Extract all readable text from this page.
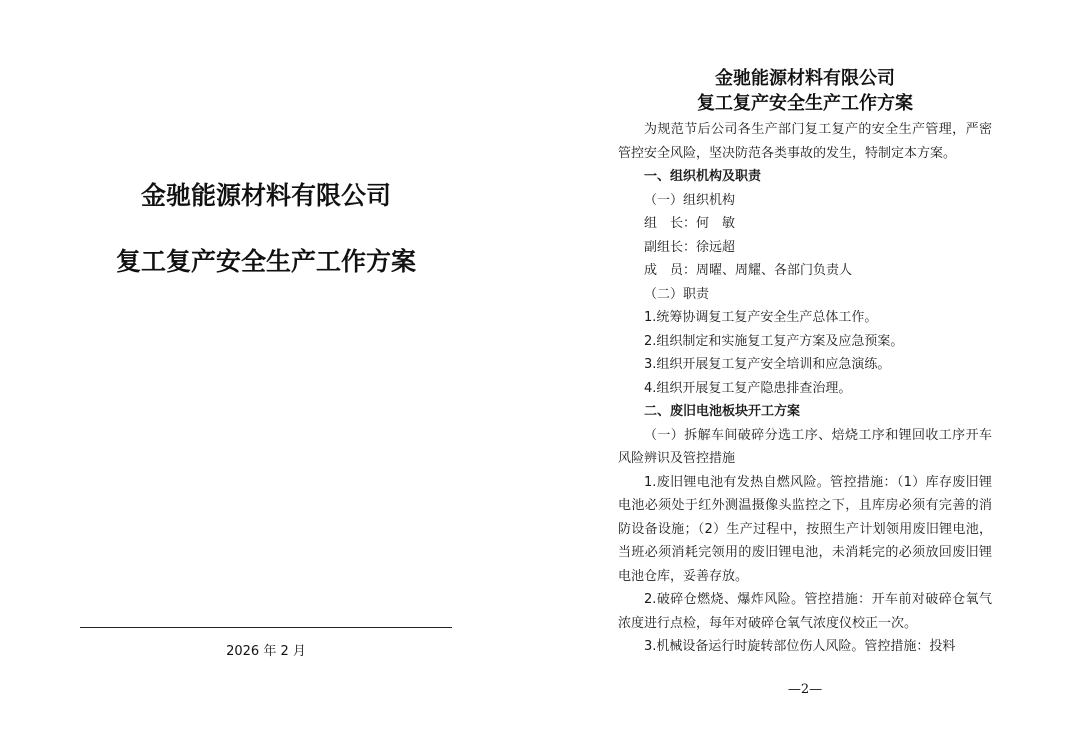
金驰能源材料有限公司
复工复产安全生产工作方案
2026 年 2 月
金驰能源材料有限公司
复工复产安全生产工作方案

为规范节后公司各生产部门复工复产的安全生产管理，严密管控安全风险，坚决防范各类事故的发生，特制定本方案。

一、组织机构及职责

（一）组织机构

组　长：何　敏

副组长：徐远超

成　员：周曜、周耀、各部门负责人

（二）职责

1.统筹协调复工复产安全生产总体工作。

2.组织制定和实施复工复产方案及应急预案。

3.组织开展复工复产安全培训和应急演练。

4.组织开展复工复产隐患排查治理。

二、废旧电池板块开工方案

（一）拆解车间破碎分选工序、焙烧工序和锂回收工序开车风险辨识及管控措施

1.废旧锂电池有发热自燃风险。管控措施：（1）库存废旧锂电池必须处于红外测温摄像头监控之下，且库房必须有完善的消防设备设施；（2）生产过程中，按照生产计划领用废旧锂电池，当班必须消耗完领用的废旧锂电池，未消耗完的必须放回废旧锂电池仓库，妥善存放。

2.破碎仓燃烧、爆炸风险。管控措施：开车前对破碎仓氧气浓度进行点检，每年对破碎仓氧气浓度仪校正一次。

3.机械设备运行时旋转部位伤人风险。管控措施：投料

—2—
